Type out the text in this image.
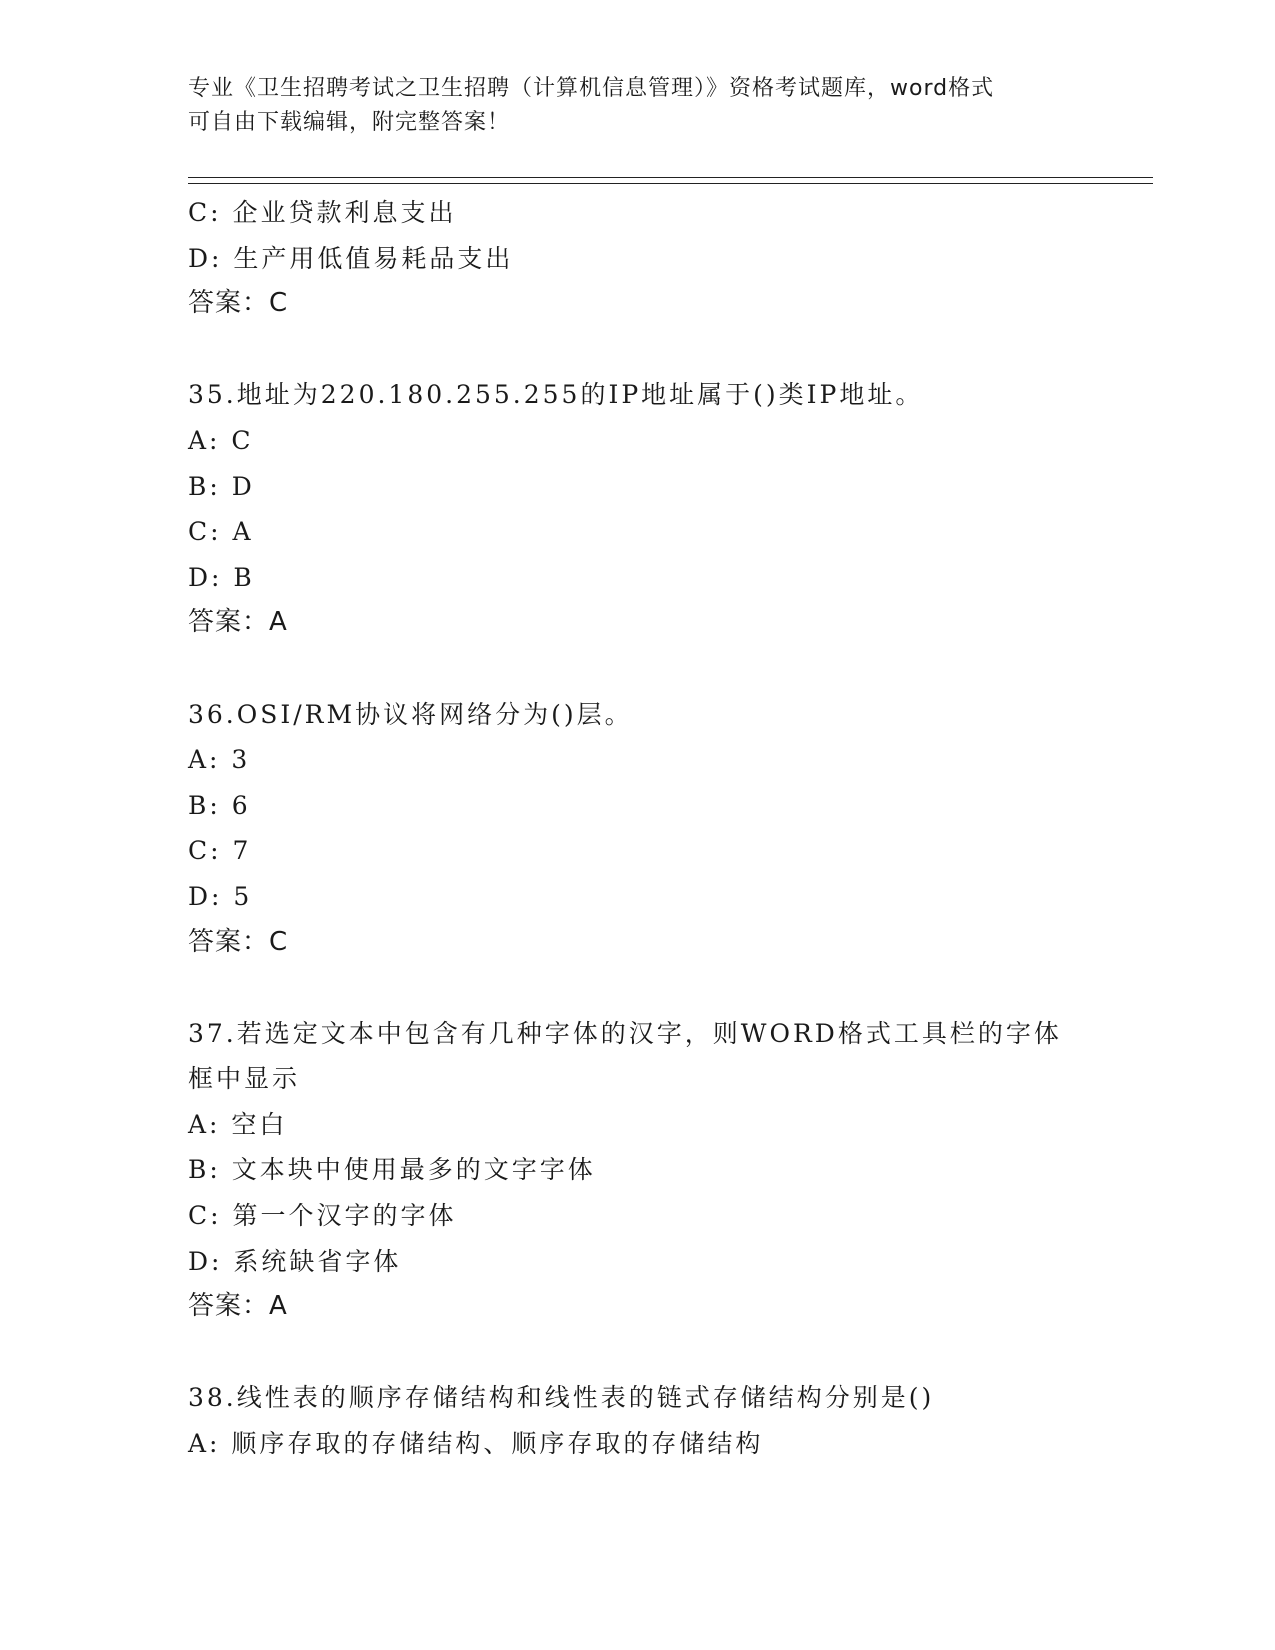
专业《卫生招聘考试之卫生招聘（计算机信息管理）》资格考试题库，word格式
可自由下载编辑，附完整答案！
C: 企业贷款利息支出
D: 生产用低值易耗品支出
答案：C
35.地址为220.180.255.255的IP地址属于()类IP地址。
A: C
B: D
C: A
D: B
答案：A
36.OSI/RM协议将网络分为()层。
A: 3
B: 6
C: 7
D: 5
答案：C
37.若选定文本中包含有几种字体的汉字，则WORD格式工具栏的字体
框中显示
A: 空白
B: 文本块中使用最多的文字字体
C: 第一个汉字的字体
D: 系统缺省字体
答案：A
38.线性表的顺序存储结构和线性表的链式存储结构分别是()
A: 顺序存取的存储结构、顺序存取的存储结构
